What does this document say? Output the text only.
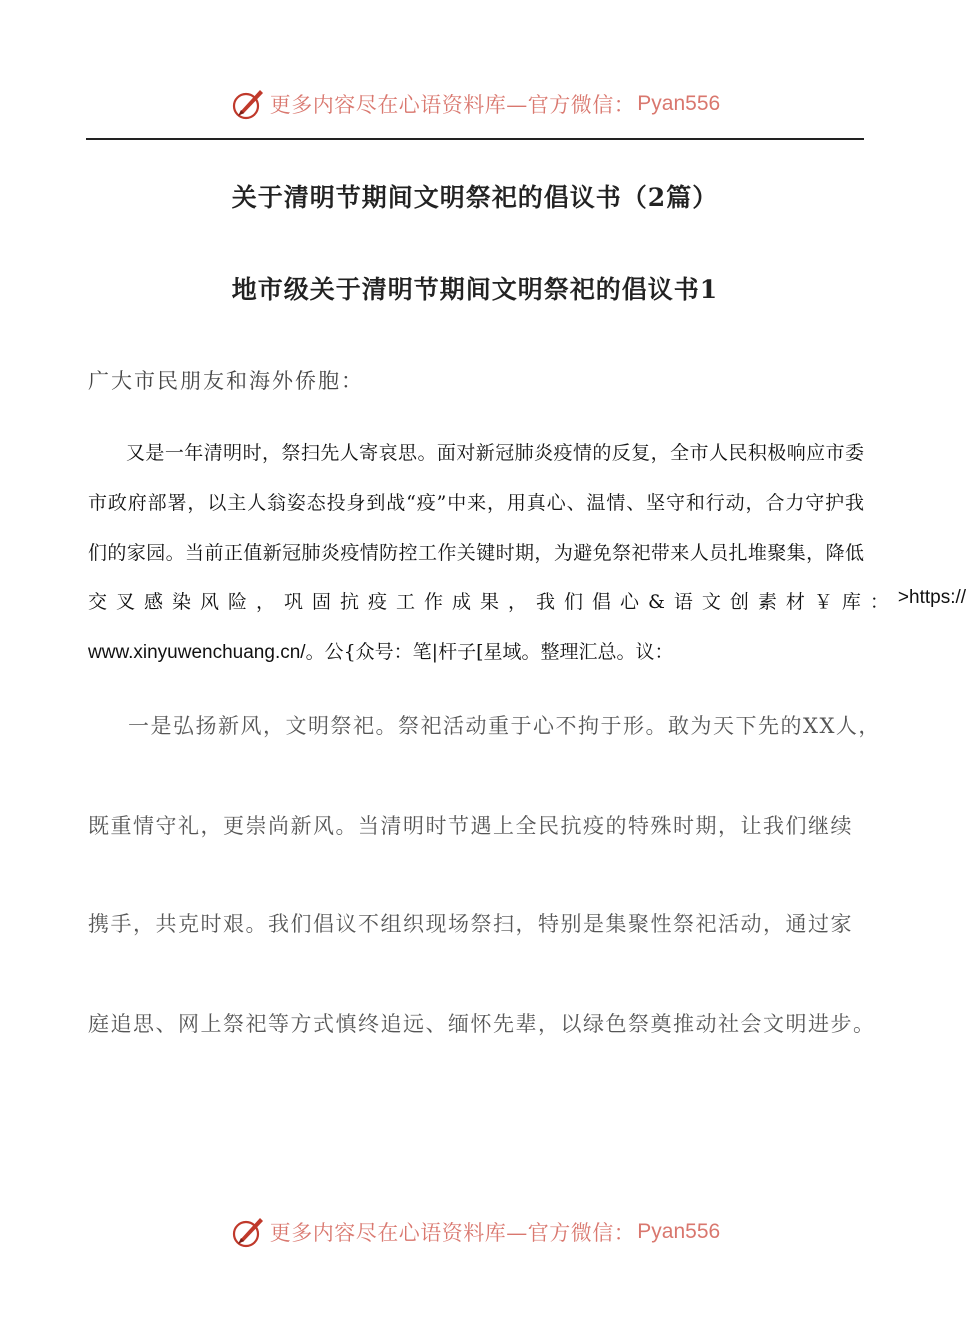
更多内容尽在心语资料库—官方微信： Pyan556
关于清明节期间文明祭祀的倡议书（2篇）
地市级关于清明节期间文明祭祀的倡议书1
广大市民朋友和海外侨胞：
又是一年清明时，祭扫先人寄哀思。面对新冠肺炎疫情的反复，全市人民积极响应市委
市政府部署，以主人翁姿态投身到战“疫”中来，用真心、温情、坚守和行动，合力守护我
们的家园。当前正值新冠肺炎疫情防控工作关键时期，为避免祭祀带来人员扎堆聚集，降低
交叉感染风险，巩固抗疫工作成果，我们倡心&语文创素材￥库： >https://
www.xinyuwenchuang.cn/。公{众号：笔|杆子[星域。整理汇总。议：
一是弘扬新风，文明祭祀。祭祀活动重于心不拘于形。敢为天下先的XX人，
既重情守礼，更崇尚新风。当清明时节遇上全民抗疫的特殊时期，让我们继续
携手，共克时艰。我们倡议不组织现场祭扫，特别是集聚性祭祀活动，通过家
庭追思、网上祭祀等方式慎终追远、缅怀先辈，以绿色祭奠推动社会文明进步。
更多内容尽在心语资料库—官方微信： Pyan556
